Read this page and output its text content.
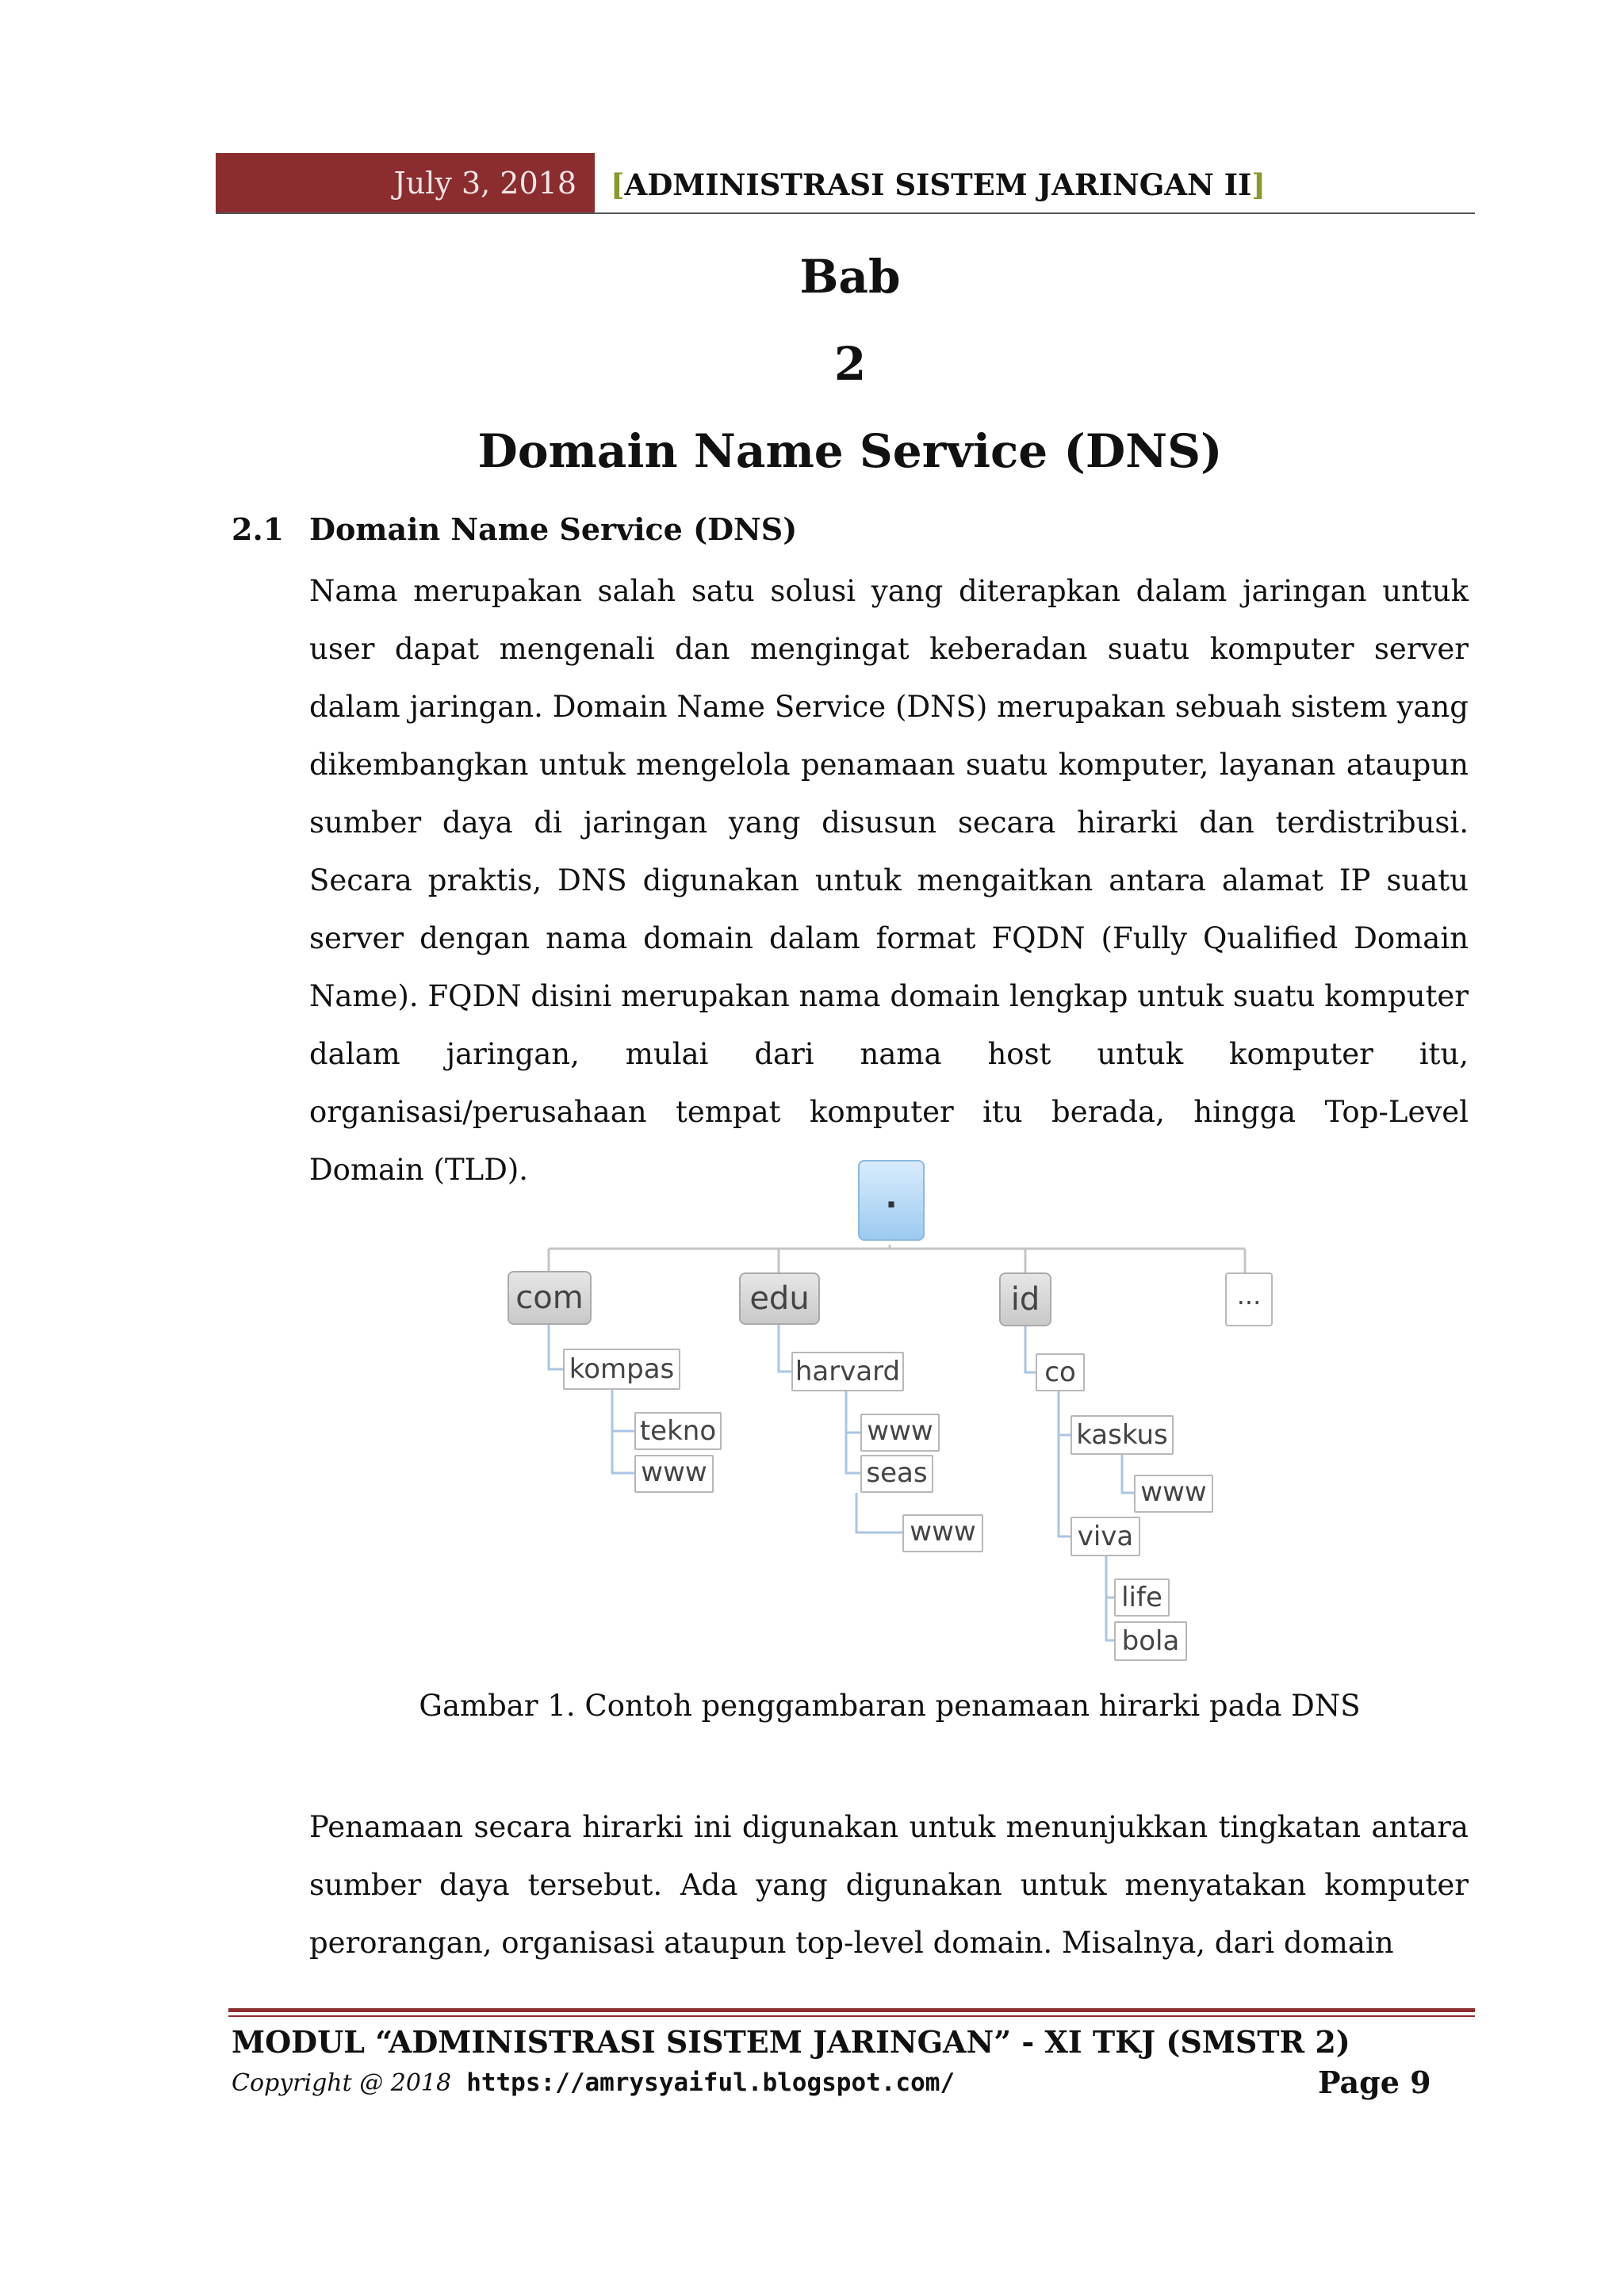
July 3, 2018 [ADMINISTRASI SISTEM JARINGAN II]
Bab
2
Domain Name Service (DNS)
2.1 Domain Name Service (DNS)
Nama merupakan salah satu solusi yang diterapkan dalam jaringan untuk user dapat mengenali dan mengingat keberadan suatu komputer server dalam jaringan. Domain Name Service (DNS) merupakan sebuah sistem yang dikembangkan untuk mengelola penamaan suatu komputer, layanan ataupun sumber daya di jaringan yang disusun secara hirarki dan terdistribusi. Secara praktis, DNS digunakan untuk mengaitkan antara alamat IP suatu server dengan nama domain dalam format FQDN (Fully Qualified Domain Name). FQDN disini merupakan nama domain lengkap untuk suatu komputer dalam jaringan, mulai dari nama host untuk komputer itu, organisasi/perusahaan tempat komputer itu berada, hingga Top-Level Domain (TLD).
.
com	edu	id	...
kompas
tekno
www
harvard
www
seas
www
co
kaskus
www
viva
life
bola
Gambar 1. Contoh penggambaran penamaan hirarki pada DNS
Penamaan secara hirarki ini digunakan untuk menunjukkan tingkatan antara sumber daya tersebut. Ada yang digunakan untuk menyatakan komputer perorangan, organisasi ataupun top-level domain. Misalnya, dari domain
MODUL “ADMINISTRASI SISTEM JARINGAN” - XI TKJ (SMSTR 2)
Copyright @ 2018 https://amrysyaiful.blogspot.com/	Page 9
